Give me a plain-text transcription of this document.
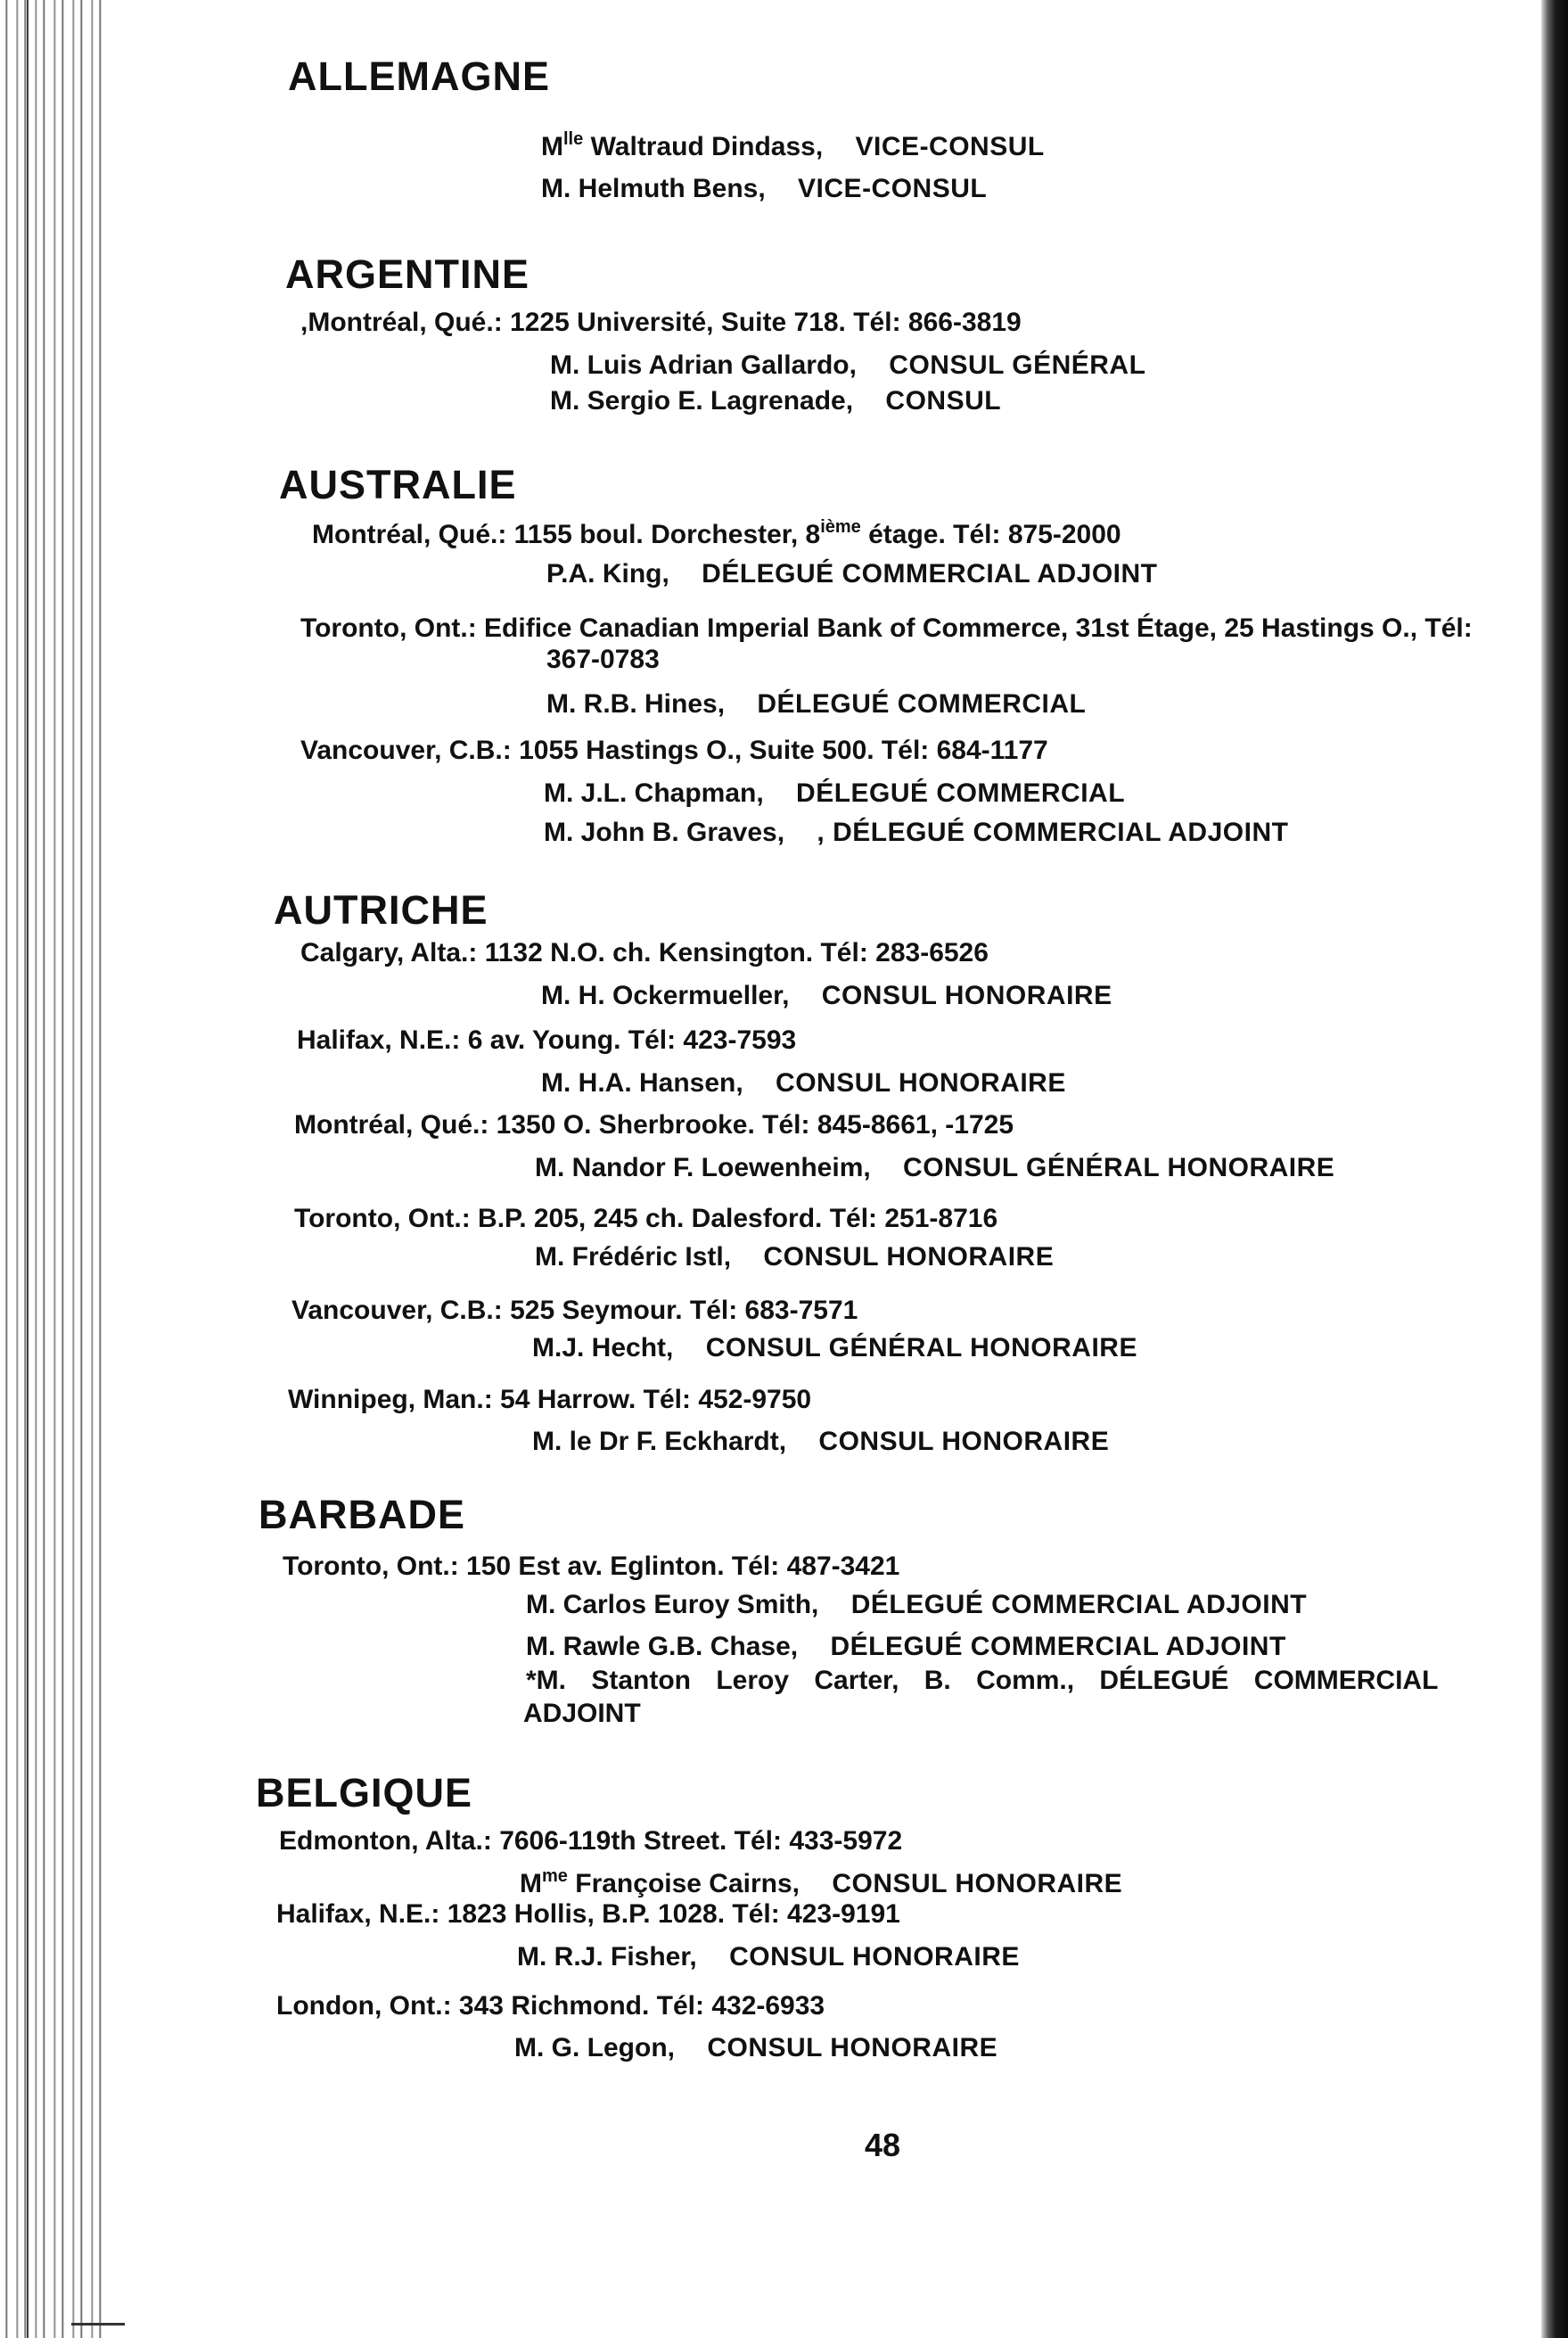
ALLEMAGNE
$M^{lle}$ Waltraud Dindass, VICE-CONSUL
M. Helmuth Bens, VICE-CONSUL
ARGENTINE
,Montréal, Qué.: 1225 Université, Suite 718. Tél: 866-3819
M. Luis Adrian Gallardo, CONSUL GÉNÉRAL
M. Sergio E. Lagrenade, CONSUL
AUSTRALIE
Montréal, Qué.: 1155 boul. Dorchester, 8ième étage. Tél: 875-2000
P.A. King, DÉLEGUÉ COMMERCIAL ADJOINT
Toronto, Ont.: Edifice Canadian Imperial Bank of Commerce, 31st Étage, 25 Hastings O., Tél:
367-0783
M. R.B. Hines, DÉLEGUÉ COMMERCIAL
Vancouver, C.B.: 1055 Hastings O., Suite 500. Tél: 684-1177
M. J.L. Chapman, DÉLEGUÉ COMMERCIAL
M. John B. Graves, , DÉLEGUÉ COMMERCIAL ADJOINT
AUTRICHE
Calgary, Alta.: 1132 N.O. ch. Kensington. Tél: 283-6526
M. H. Ockermueller, CONSUL HONORAIRE
Halifax, N.E.: 6 av. Young. Tél: 423-7593
M. H.A. Hansen, CONSUL HONORAIRE
Montréal, Qué.: 1350 O. Sherbrooke. Tél: 845-8661, -1725
M. Nandor F. Loewenheim, CONSUL GÉNÉRAL HONORAIRE
Toronto, Ont.: B.P. 205, 245 ch. Dalesford. Tél: 251-8716
M. Frédéric Istl, CONSUL HONORAIRE
Vancouver, C.B.: 525 Seymour. Tél: 683-7571
M.J. Hecht, CONSUL GÉNÉRAL HONORAIRE
Winnipeg, Man.: 54 Harrow. Tél: 452-9750
M. le Dr F. Eckhardt, CONSUL HONORAIRE
BARBADE
Toronto, Ont.: 150 Est av. Eglinton. Tél: 487-3421
M. Carlos Euroy Smith, DÉLEGUÉ COMMERCIAL ADJOINT
M. Rawle G.B. Chase, DÉLEGUÉ COMMERCIAL ADJOINT
*M. Stanton Leroy Carter, B. Comm., DÉLEGUÉ COMMERCIAL
ADJOINT
BELGIQUE
Edmonton, Alta.: 7606-119th Street. Tél: 433-5972
$M^{me}$ Françoise Cairns, CONSUL HONORAIRE
Halifax, N.E.: 1823 Hollis, B.P. 1028. Tél: 423-9191
M. R.J. Fisher, CONSUL HONORAIRE
London, Ont.: 343 Richmond. Tél: 432-6933
M. G. Legon, CONSUL HONORAIRE
48
